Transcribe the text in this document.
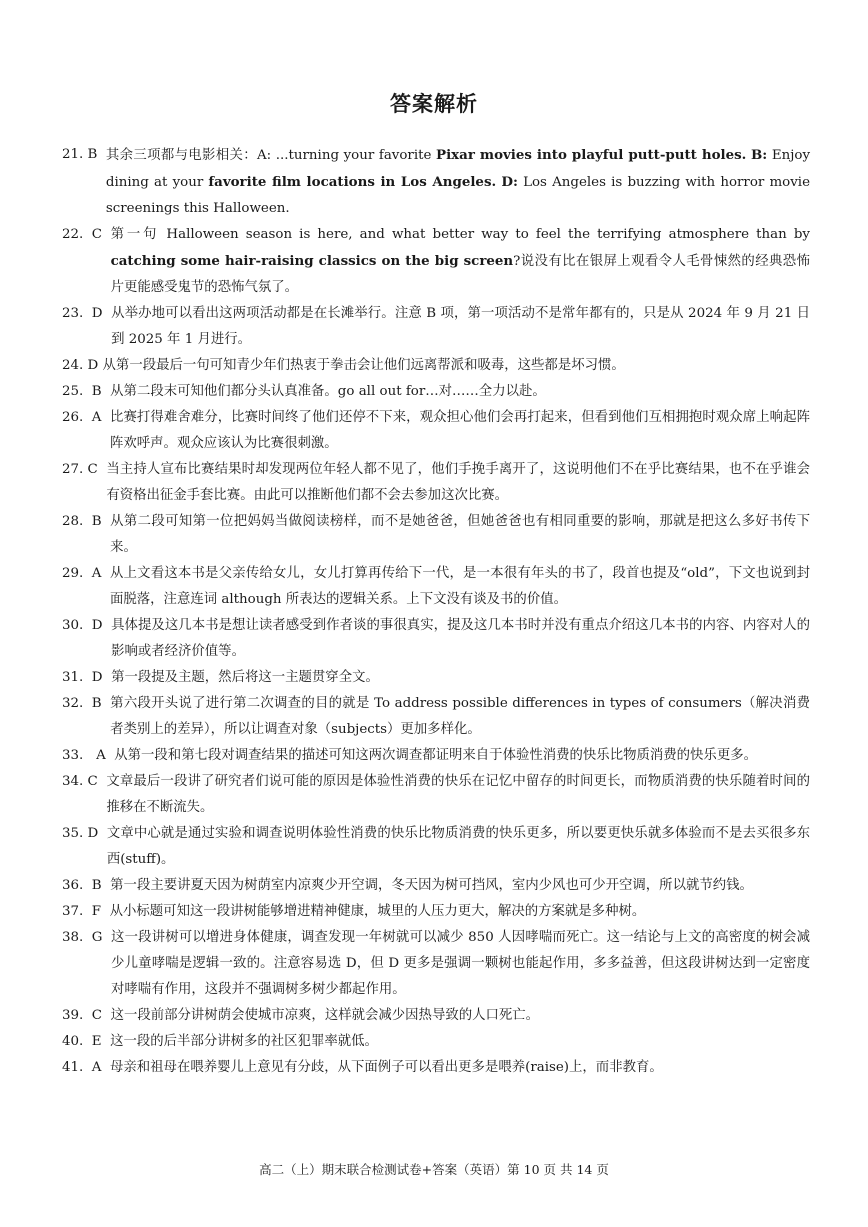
答案解析
21. B 其余三项都与电影相关：A: ...turning your favorite Pixar movies into playful putt-putt holes. B: Enjoy dining at your favorite film locations in Los Angeles. D: Los Angeles is buzzing with horror movie screenings this Halloween.
22.  C 第一句 Halloween season is here, and what better way to feel the terrifying atmosphere than by catching some hair-raising classics on the big screen?说没有比在银屏上观看令人毛骨悚然的经典恐怖片更能感受鬼节的恐怖气氛了。
23.  D 从举办地可以看出这两项活动都是在长滩举行。注意 B 项，第一项活动不是常年都有的，只是从 2024 年 9 月 21 日到 2025 年 1 月进行。
24. D 从第一段最后一句可知青少年们热衷于拳击会让他们远离帮派和吸毒，这些都是坏习惯。
25.  B 从第二段末可知他们都分头认真准备。go all out for…对……全力以赴。
26.  A 比赛打得难舍难分，比赛时间终了他们还停不下来，观众担心他们会再打起来，但看到他们互相拥抱时观众席上响起阵阵欢呼声。观众应该认为比赛很刺激。
27. C 当主持人宣布比赛结果时却发现两位年轻人都不见了，他们手挽手离开了，这说明他们不在乎比赛结果，也不在乎谁会有资格出征金手套比赛。由此可以推断他们都不会去参加这次比赛。
28.  B 从第二段可知第一位把妈妈当做阅读榜样，而不是她爸爸，但她爸爸也有相同重要的影响，那就是把这么多好书传下来。
29.  A 从上文看这本书是父亲传给女儿，女儿打算再传给下一代，是一本很有年头的书了，段首也提及“old”，下文也说到封面脱落，注意连词 although 所表达的逻辑关系。上下文没有谈及书的价值。
30.  D 具体提及这几本书是想让读者感受到作者谈的事很真实，提及这几本书时并没有重点介绍这几本书的内容、内容对人的影响或者经济价值等。
31.  D 第一段提及主题，然后将这一主题贯穿全文。
32.  B 第六段开头说了进行第二次调查的目的就是 To address possible differences in types of consumers（解决消费者类别上的差异），所以让调查对象（subjects）更加多样化。
33.   A 从第一段和第七段对调查结果的描述可知这两次调查都证明来自于体验性消费的快乐比物质消费的快乐更多。
34. C 文章最后一段讲了研究者们说可能的原因是体验性消费的快乐在记忆中留存的时间更长，而物质消费的快乐随着时间的推移在不断流失。
35. D 文章中心就是通过实验和调查说明体验性消费的快乐比物质消费的快乐更多，所以要更快乐就多体验而不是去买很多东西(stuff)。
36.  B 第一段主要讲夏天因为树荫室内凉爽少开空调，冬天因为树可挡风，室内少风也可少开空调，所以就节约钱。
37.  F 从小标题可知这一段讲树能够增进精神健康，城里的人压力更大，解决的方案就是多种树。
38.  G 这一段讲树可以增进身体健康，调查发现一年树就可以减少 850 人因哮喘而死亡。这一结论与上文的高密度的树会减少儿童哮喘是逻辑一致的。注意容易选 D，但 D 更多是强调一颗树也能起作用，多多益善，但这段讲树达到一定密度对哮喘有作用，这段并不强调树多树少都起作用。
39.  C 这一段前部分讲树荫会使城市凉爽，这样就会减少因热导致的人口死亡。
40.  E 这一段的后半部分讲树多的社区犯罪率就低。
41.  A 母亲和祖母在喂养婴儿上意见有分歧，从下面例子可以看出更多是喂养(raise)上，而非教育。
高二（上）期末联合检测试卷+答案（英语）第 10 页 共 14 页
